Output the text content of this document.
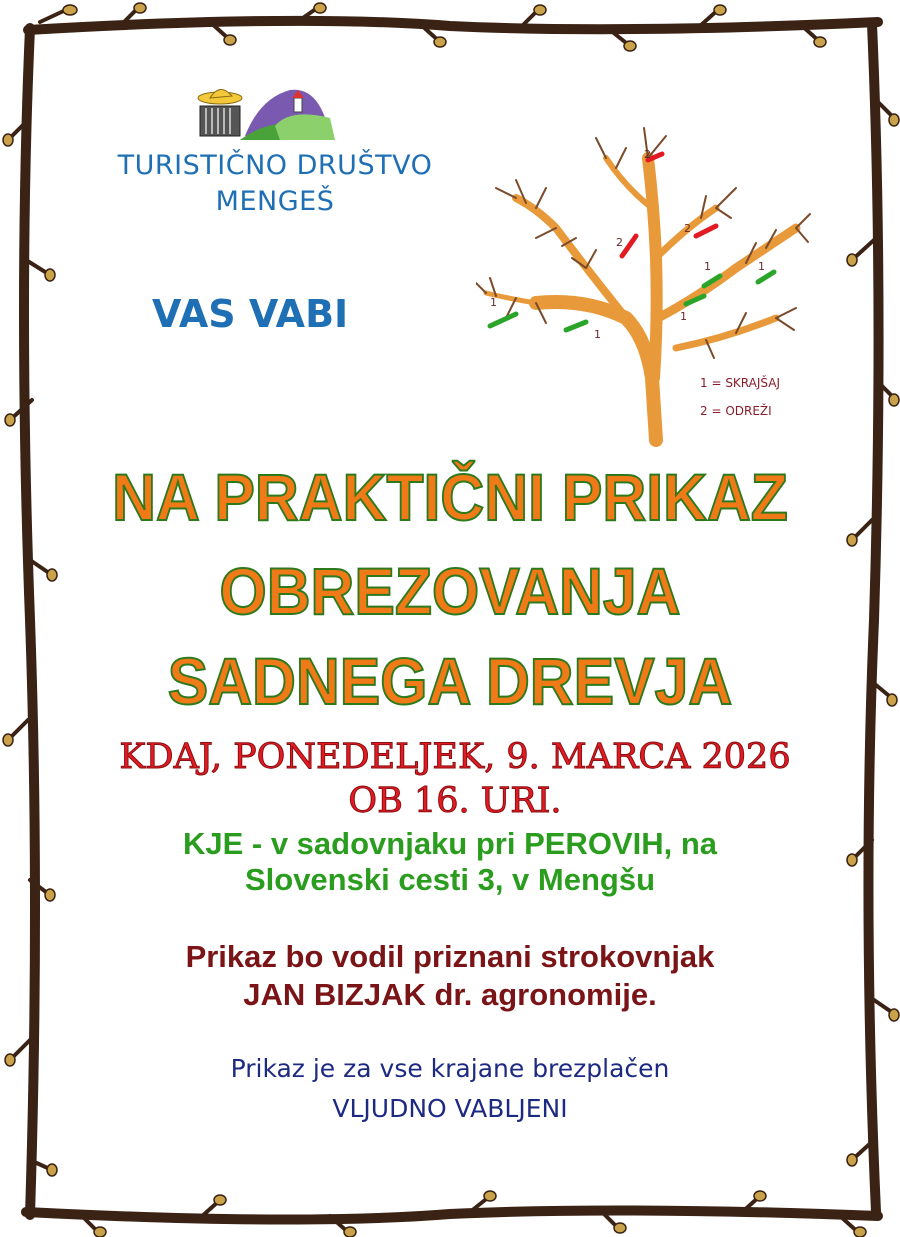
TURISTIČNO DRUŠTVO
MENGEŠ
VAS VABI	1
1
1
1	1
2
2
2
1 = SKRAJŠAJ
2 = ODREŽI
NA PRAKTIČNI PRIKAZ
OBREZOVANJA
SADNEGA DREVJA
KDAJ, PONEDELJEK, 9. MARCA 2026
OB 16. URI.
KJE - v sadovnjaku pri PEROVIH, na
Slovenski cesti 3, v Mengšu
Prikaz bo vodil priznani strokovnjak
JAN BIZJAK dr. agronomije.
Prikaz je za vse krajane brezplačen
VLJUDNO VABLJENI
